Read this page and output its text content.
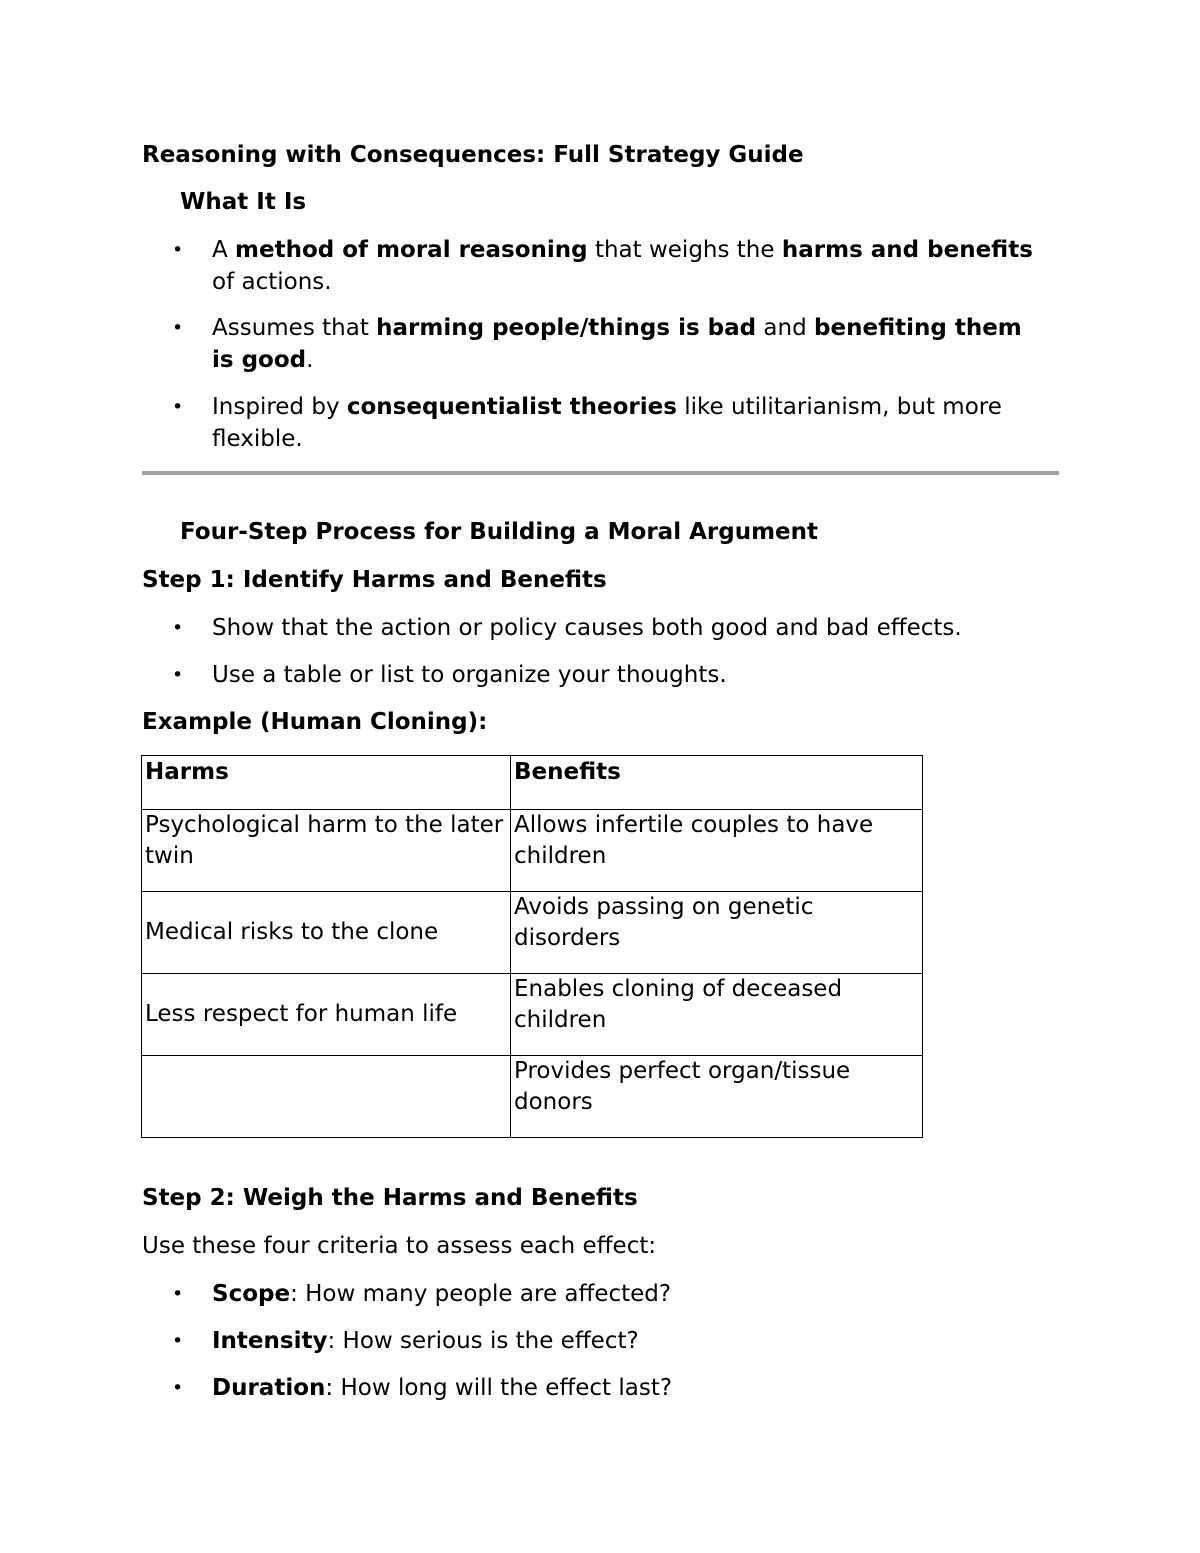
Reasoning with Consequences: Full Strategy Guide
What It Is
• A method of moral reasoning that weighs the harms and benefits
of actions.
• Assumes that harming people/things is bad and benefiting them
is good.
• Inspired by consequentialist theories like utilitarianism, but more
flexible.
Four-Step Process for Building a Moral Argument
Step 1: Identify Harms and Benefits
• Show that the action or policy causes both good and bad effects.
• Use a table or list to organize your thoughts.
Example (Human Cloning):
Harms	Benefits
Psychological harm to the later twin	Allows infertile couples to have children
Medical risks to the clone	Avoids passing on genetic disorders
Less respect for human life	Enables cloning of deceased children
	Provides perfect organ/tissue donors
Step 2: Weigh the Harms and Benefits
Use these four criteria to assess each effect:
• Scope: How many people are affected?
• Intensity: How serious is the effect?
• Duration: How long will the effect last?
